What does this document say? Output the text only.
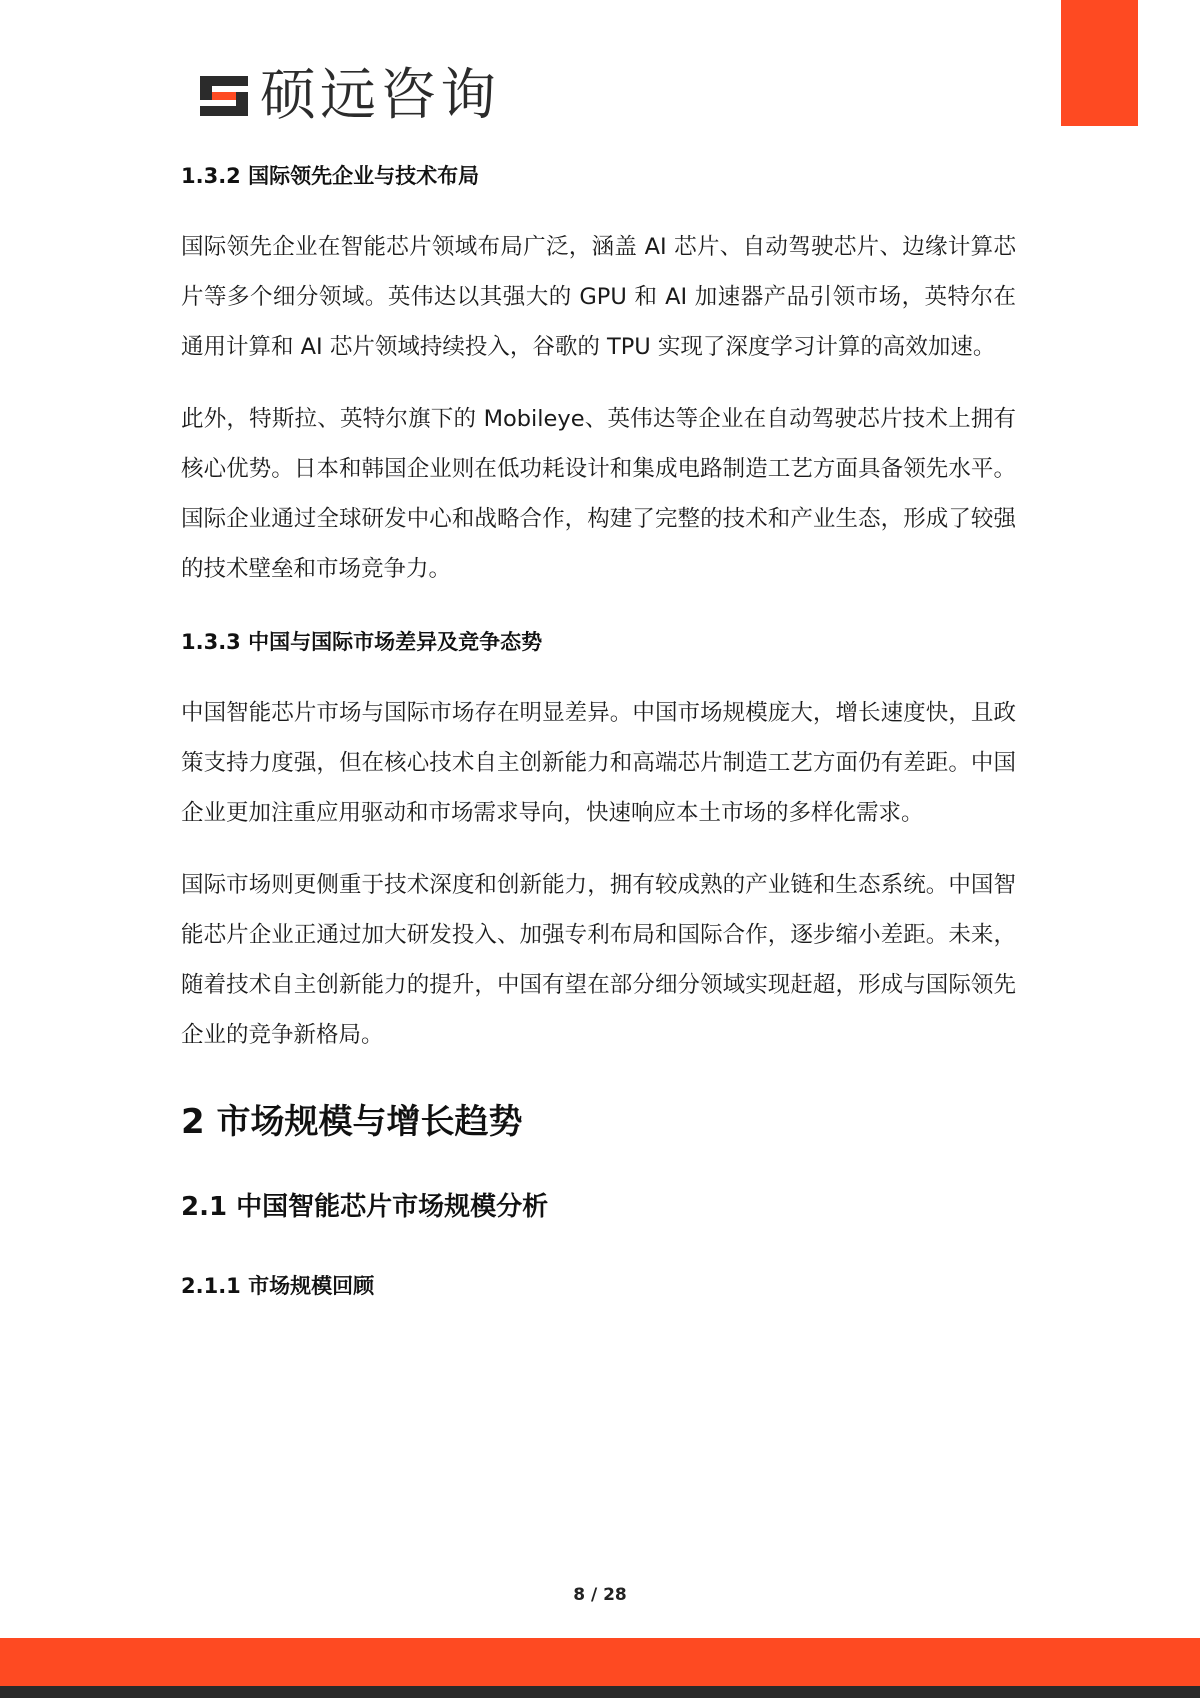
硕远咨询
1.3.2 国际领先企业与技术布局

国际领先企业在智能芯片领域布局广泛，涵盖 AI 芯片、自动驾驶芯片、边缘计算芯片等多个细分领域。英伟达以其强大的 GPU 和 AI 加速器产品引领市场，英特尔在通用计算和 AI 芯片领域持续投入，谷歌的 TPU 实现了深度学习计算的高效加速。

此外，特斯拉、英特尔旗下的 Mobileye、英伟达等企业在自动驾驶芯片技术上拥有核心优势。日本和韩国企业则在低功耗设计和集成电路制造工艺方面具备领先水平。国际企业通过全球研发中心和战略合作，构建了完整的技术和产业生态，形成了较强的技术壁垒和市场竞争力。

1.3.3 中国与国际市场差异及竞争态势

中国智能芯片市场与国际市场存在明显差异。中国市场规模庞大，增长速度快，且政策支持力度强，但在核心技术自主创新能力和高端芯片制造工艺方面仍有差距。中国企业更加注重应用驱动和市场需求导向，快速响应本土市场的多样化需求。

国际市场则更侧重于技术深度和创新能力，拥有较成熟的产业链和生态系统。中国智能芯片企业正通过加大研发投入、加强专利布局和国际合作，逐步缩小差距。未来，随着技术自主创新能力的提升，中国有望在部分细分领域实现赶超，形成与国际领先企业的竞争新格局。

2 市场规模与增长趋势
2.1 中国智能芯片市场规模分析
2.1.1 市场规模回顾
8 / 28
